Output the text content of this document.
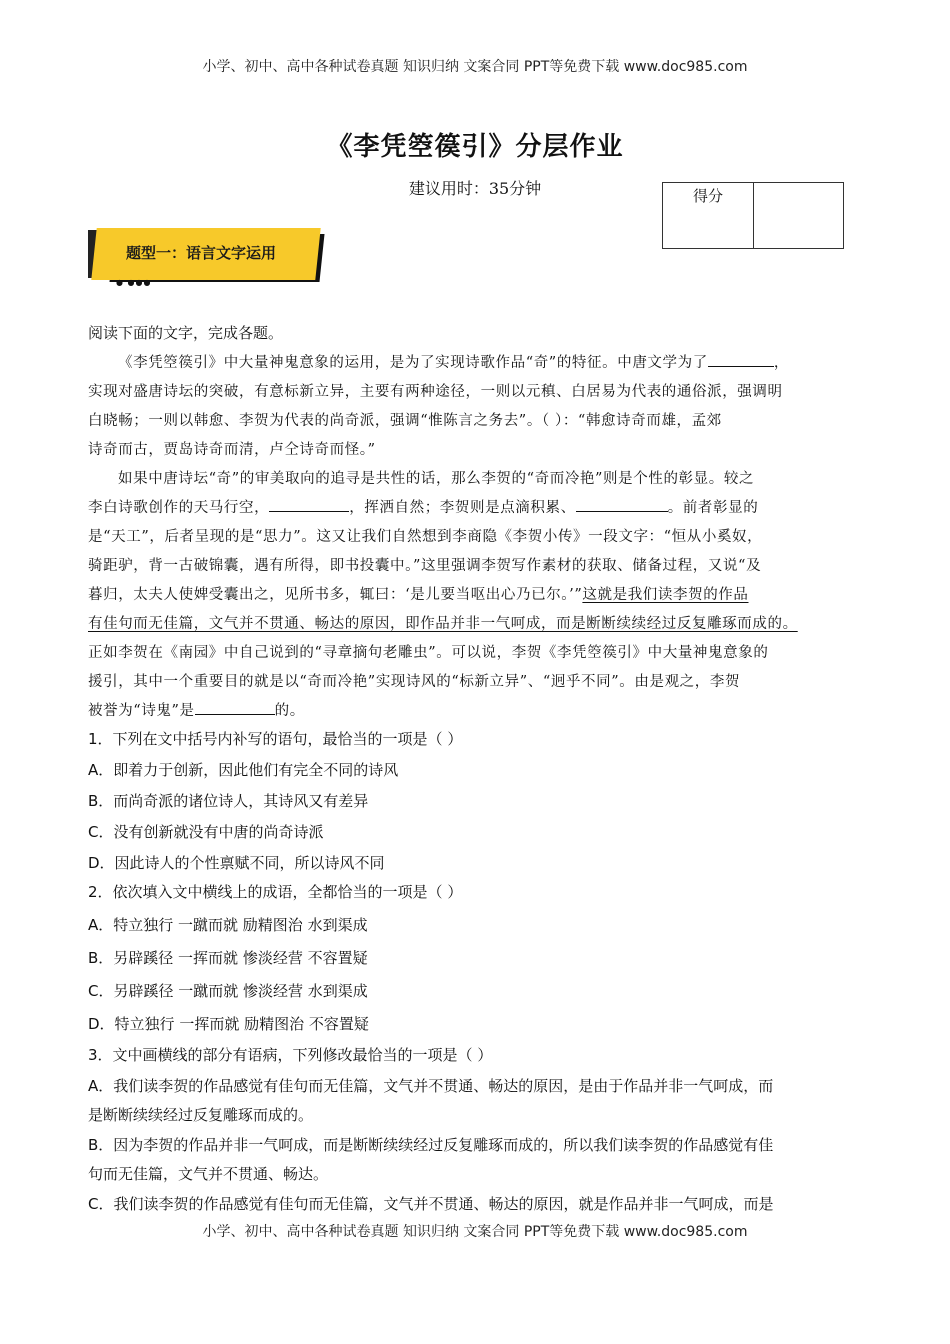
小学、初中、高中各种试卷真题 知识归纳 文案合同 PPT等免费下载 www.doc985.com
《李凭箜篌引》分层作业
建议用时：35分钟	得分
题型一：语言文字运用
● ●●●
阅读下面的文字，完成各题。
《李凭箜篌引》中大量神鬼意象的运用，是为了实现诗歌作品“奇”的特征。中唐文学为了	，
实现对盛唐诗坛的突破，有意标新立异，主要有两种途径，一则以元稹、白居易为代表的通俗派，强调明
白晓畅；一则以韩愈、李贺为代表的尚奇派，强调“惟陈言之务去”。（ ）：“韩愈诗奇而雄，孟郊
诗奇而古，贾岛诗奇而清，卢仝诗奇而怪。”
如果中唐诗坛“奇”的审美取向的追寻是共性的话，那么李贺的“奇而冷艳”则是个性的彰显。较之
李白诗歌创作的天马行空，	，挥洒自然；李贺则是点滴积累、	。前者彰显的
是“天工”，后者呈现的是“思力”。这又让我们自然想到李商隐《李贺小传》一段文字：“恒从小奚奴，
骑距驴，背一古破锦囊，遇有所得，即书投囊中。”这里强调李贺写作素材的获取、储备过程，又说“及
暮归，太夫人使婢受囊出之，见所书多，辄曰：‘是儿要当呕出心乃已尔。’”这就是我们读李贺的作品
有佳句而无佳篇，文气并不贯通、畅达的原因，即作品并非一气呵成，而是断断续续经过反复雕琢而成的。
正如李贺在《南园》中自己说到的“寻章摘句老雕虫”。可以说，李贺《李凭箜篌引》中大量神鬼意象的
援引，其中一个重要目的就是以“奇而冷艳”实现诗风的“标新立异”、“迥乎不同”。由是观之，李贺
被誉为“诗鬼”是	的。
1．下列在文中括号内补写的语句，最恰当的一项是（ ）
A．即着力于创新，因此他们有完全不同的诗风
B．而尚奇派的诸位诗人，其诗风又有差异
C．没有创新就没有中唐的尚奇诗派
D．因此诗人的个性禀赋不同，所以诗风不同
2．依次填入文中横线上的成语，全都恰当的一项是（ ）
A．特立独行 一蹴而就 励精图治 水到渠成
B．另辟蹊径 一挥而就 惨淡经营 不容置疑
C．另辟蹊径 一蹴而就 惨淡经营 水到渠成
D．特立独行 一挥而就 励精图治 不容置疑
3．文中画横线的部分有语病，下列修改最恰当的一项是（ ）
A．我们读李贺的作品感觉有佳句而无佳篇，文气并不贯通、畅达的原因，是由于作品并非一气呵成，而
是断断续续经过反复雕琢而成的。
B．因为李贺的作品并非一气呵成，而是断断续续经过反复雕琢而成的，所以我们读李贺的作品感觉有佳
句而无佳篇，文气并不贯通、畅达。
C．我们读李贺的作品感觉有佳句而无佳篇，文气并不贯通、畅达的原因，就是作品并非一气呵成，而是
小学、初中、高中各种试卷真题 知识归纳 文案合同 PPT等免费下载 www.doc985.com
